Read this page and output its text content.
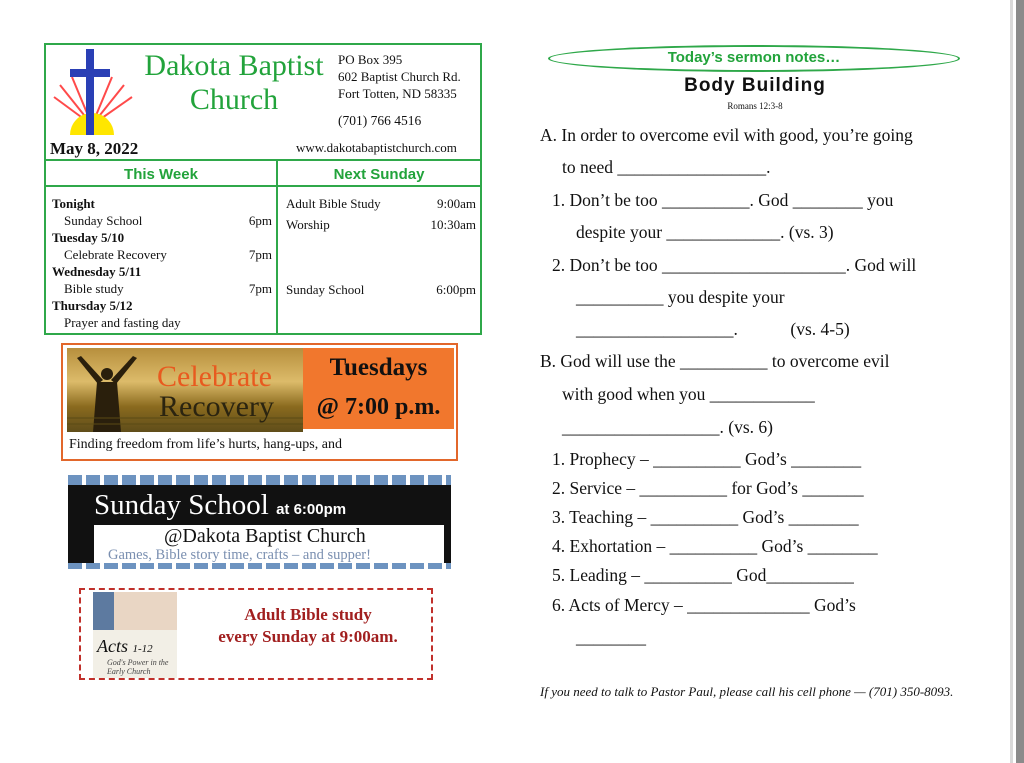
Dakota Baptist Church
PO Box 395
602 Baptist Church Rd.
Fort Totten, ND 58335
(701) 766 4516
May 8, 2022	www.dakotabaptistchurch.com
This Week	Next Sunday
Tonight
Sunday School	6pm
Tuesday 5/10
Celebrate Recovery	7pm
Wednesday 5/11
Bible study	7pm
Thursday 5/12
Prayer and fasting day
Adult Bible Study	9:00am
Worship	10:30am
Sunday School	6:00pm
Celebrate
Recovery
Tuesdays
@ 7:00 p.m.
Finding freedom from life’s hurts, hang-ups, and
Sunday School at 6:00pm
@Dakota Baptist Church
Games, Bible story time, crafts – and supper!
Acts 1-12
God's Power in the Early Church
Adult Bible study
every Sunday at 9:00am.
Today’s sermon notes…
Body Building
Romans 12:3-8
A. In order to overcome evil with good, you’re going
to need _________________.
1. Don’t be too __________. God ________ you
despite your _____________. (vs. 3)
2. Don’t be too _____________________. God will
__________ you despite your
__________________.            (vs. 4-5)
B. God will use the __________ to overcome evil
with good when you ____________
__________________. (vs. 6)
1. Prophecy – __________ God’s ________
2. Service – __________ for God’s _______
3. Teaching – __________ God’s ________
4. Exhortation – __________ God’s ________
5. Leading – __________ God__________
6. Acts of Mercy – ______________ God’s
________
If you need to talk to Pastor Paul, please call his cell phone — (701) 350-8093.
